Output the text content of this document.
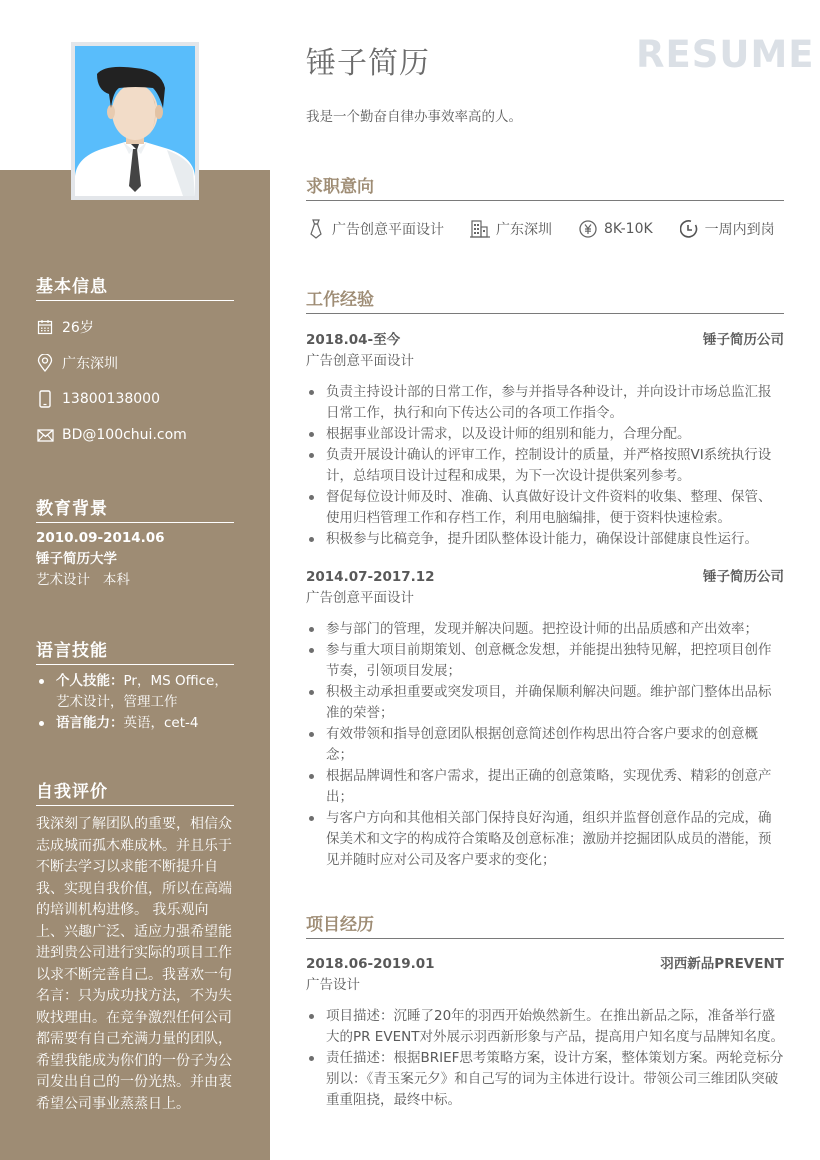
基本信息
26岁
广东深圳
13800138000
BD@100chui.com
教育背景
2010.09-2014.06
锤子简历大学
艺术设计   本科
语言技能
个人技能：Pr，MS Office，艺术设计，管理工作
语言能力：英语，cet-4
自我评价
我深刻了解团队的重要，相信众志成城而孤木难成林。并且乐于不断去学习以求能不断提升自我、实现自我价值，所以在高端的培训机构进修。 我乐观向上、兴趣广泛、适应力强希望能进到贵公司进行实际的项目工作以求不断完善自己。我喜欢一句名言：只为成功找方法，不为失败找理由。在竞争激烈任何公司都需要有自己充满力量的团队，希望我能成为你们的一份子为公司发出自己的一份光热。并由衷希望公司事业蒸蒸日上。
锤子简历	RESUME
我是一个勤奋自律办事效率高的人。
求职意向
广告创意平面设计	广东深圳	8K-10K	一周内到岗
工作经验
2018.04-至今	锤子简历公司
广告创意平面设计
负责主持设计部的日常工作，参与并指导各种设计，并向设计市场总监汇报日常工作，执行和向下传达公司的各项工作指令。
根据事业部设计需求，以及设计师的组别和能力，合理分配。
负责开展设计确认的评审工作，控制设计的质量，并严格按照VI系统执行设计，总结项目设计过程和成果，为下一次设计提供案列参考。
督促每位设计师及时、准确、认真做好设计文件资料的收集、整理、保管、使用归档管理工作和存档工作，利用电脑编排，便于资料快速检索。
积极参与比稿竞争，提升团队整体设计能力，确保设计部健康良性运行。
2014.07-2017.12	锤子简历公司
广告创意平面设计
参与部门的管理，发现并解决问题。把控设计师的出品质感和产出效率；
参与重大项目前期策划、创意概念发想，并能提出独特见解，把控项目创作节奏，引领项目发展；
积极主动承担重要或突发项目，并确保顺利解决问题。维护部门整体出品标准的荣誉；
有效带领和指导创意团队根据创意简述创作构思出符合客户要求的创意概念；
根据品牌调性和客户需求，提出正确的创意策略，实现优秀、精彩的创意产出；
与客户方向和其他相关部门保持良好沟通，组织并监督创意作品的完成，确保美术和文字的构成符合策略及创意标准；激励并挖掘团队成员的潜能，预见并随时应对公司及客户要求的变化；
项目经历
2018.06-2019.01	羽西新品PREVENT
广告设计
项目描述：沉睡了20年的羽西开始焕然新生。在推出新品之际，准备举行盛大的PR EVENT对外展示羽西新形象与产品，提高用户知名度与品牌知名度。
责任描述：根据BRIEF思考策略方案，设计方案，整体策划方案。两轮竞标分别以：《青玉案元夕》和自己写的词为主体进行设计。带领公司三维团队突破重重阻挠，最终中标。
